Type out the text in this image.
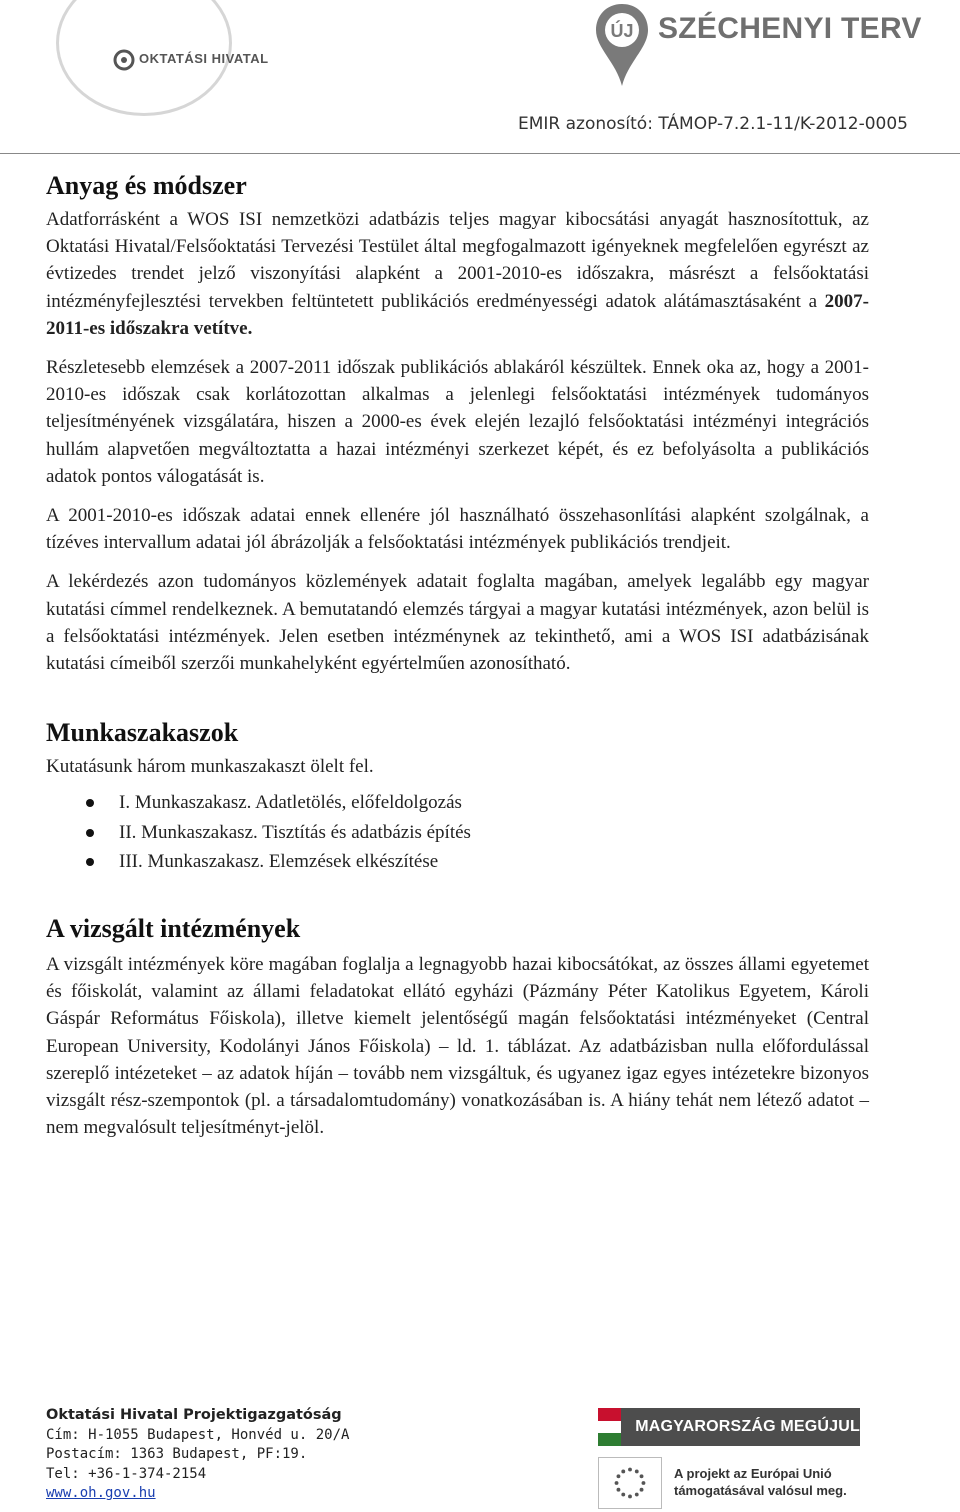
OKTATÁSI HIVATAL
ÚJ SZÉCHENYI TERV
EMIR azonosító: TÁMOP-7.2.1-11/K-2012-0005
Anyag és módszer

Adatforrásként a WOS ISI nemzetközi adatbázis teljes magyar kibocsátási anyagát hasznosítottuk, az Oktatási Hivatal/Felsőoktatási Tervezési Testület által megfogalmazott igényeknek megfelelően egyrészt az évtizedes trendet jelző viszonyítási alapként a 2001-2010-es időszakra, másrészt a felsőoktatási intézményfejlesztési tervekben feltüntetett publikációs eredményességi adatok alátámasztásaként a 2007-2011-es időszakra vetítve.

Részletesebb elemzések a 2007-2011 időszak publikációs ablakáról készültek. Ennek oka az, hogy a 2001-2010-es időszak csak korlátozottan alkalmas a jelenlegi felsőoktatási intézmények tudományos teljesítményének vizsgálatára, hiszen a 2000-es évek elején lezajló felsőoktatási intézményi integrációs hullám alapvetően megváltoztatta a hazai intézményi szerkezet képét, és ez befolyásolta a publikációs adatok pontos válogatását is.

A 2001-2010-es időszak adatai ennek ellenére jól használható összehasonlítási alapként szolgálnak, a tízéves intervallum adatai jól ábrázolják a felsőoktatási intézmények publikációs trendjeit.

A lekérdezés azon tudományos közlemények adatait foglalta magában, amelyek legalább egy magyar kutatási címmel rendelkeznek. A bemutatandó elemzés tárgyai a magyar kutatási intézmények, azon belül is a felsőoktatási intézmények. Jelen esetben intézménynek az tekinthető, ami a WOS ISI adatbázisának kutatási címeiből szerzői munkahelyként egyértelműen azonosítható.

Munkaszakaszok

Kutatásunk három munkaszakaszt ölelt fel.

I. Munkaszakasz. Adatletölés, előfeldolgozás
II. Munkaszakasz. Tisztítás és adatbázis építés
III. Munkaszakasz. Elemzések elkészítése
A vizsgált intézmények

A vizsgált intézmények köre magában foglalja a legnagyobb hazai kibocsátókat, az összes állami egyetemet és főiskolát, valamint az állami feladatokat ellátó egyházi (Pázmány Péter Katolikus Egyetem, Károli Gáspár Református Főiskola), illetve kiemelt jelentőségű magán felsőoktatási intézményeket (Central European University, Kodolányi János Főiskola) – ld. 1. táblázat. Az adatbázisban nulla előfordulással szereplő intézeteket – az adatok híján – tovább nem vizsgáltuk, és ugyanez igaz egyes intézetekre bizonyos vizsgált rész-szempontok (pl. a társadalomtudomány) vonatkozásában is. A hiány tehát nem létező adatot – nem megvalósult teljesítményt-jelöl.

Oktatási Hivatal Projektigazgatóság
Cím: H-1055 Budapest, Honvéd u. 20/A
Postacím: 1363 Budapest, PF:19.
Tel: +36-1-374-2154
www.oh.gov.hu
MAGYARORSZÁG MEGÚJUL
A projekt az Európai Unió
támogatásával valósul meg.
